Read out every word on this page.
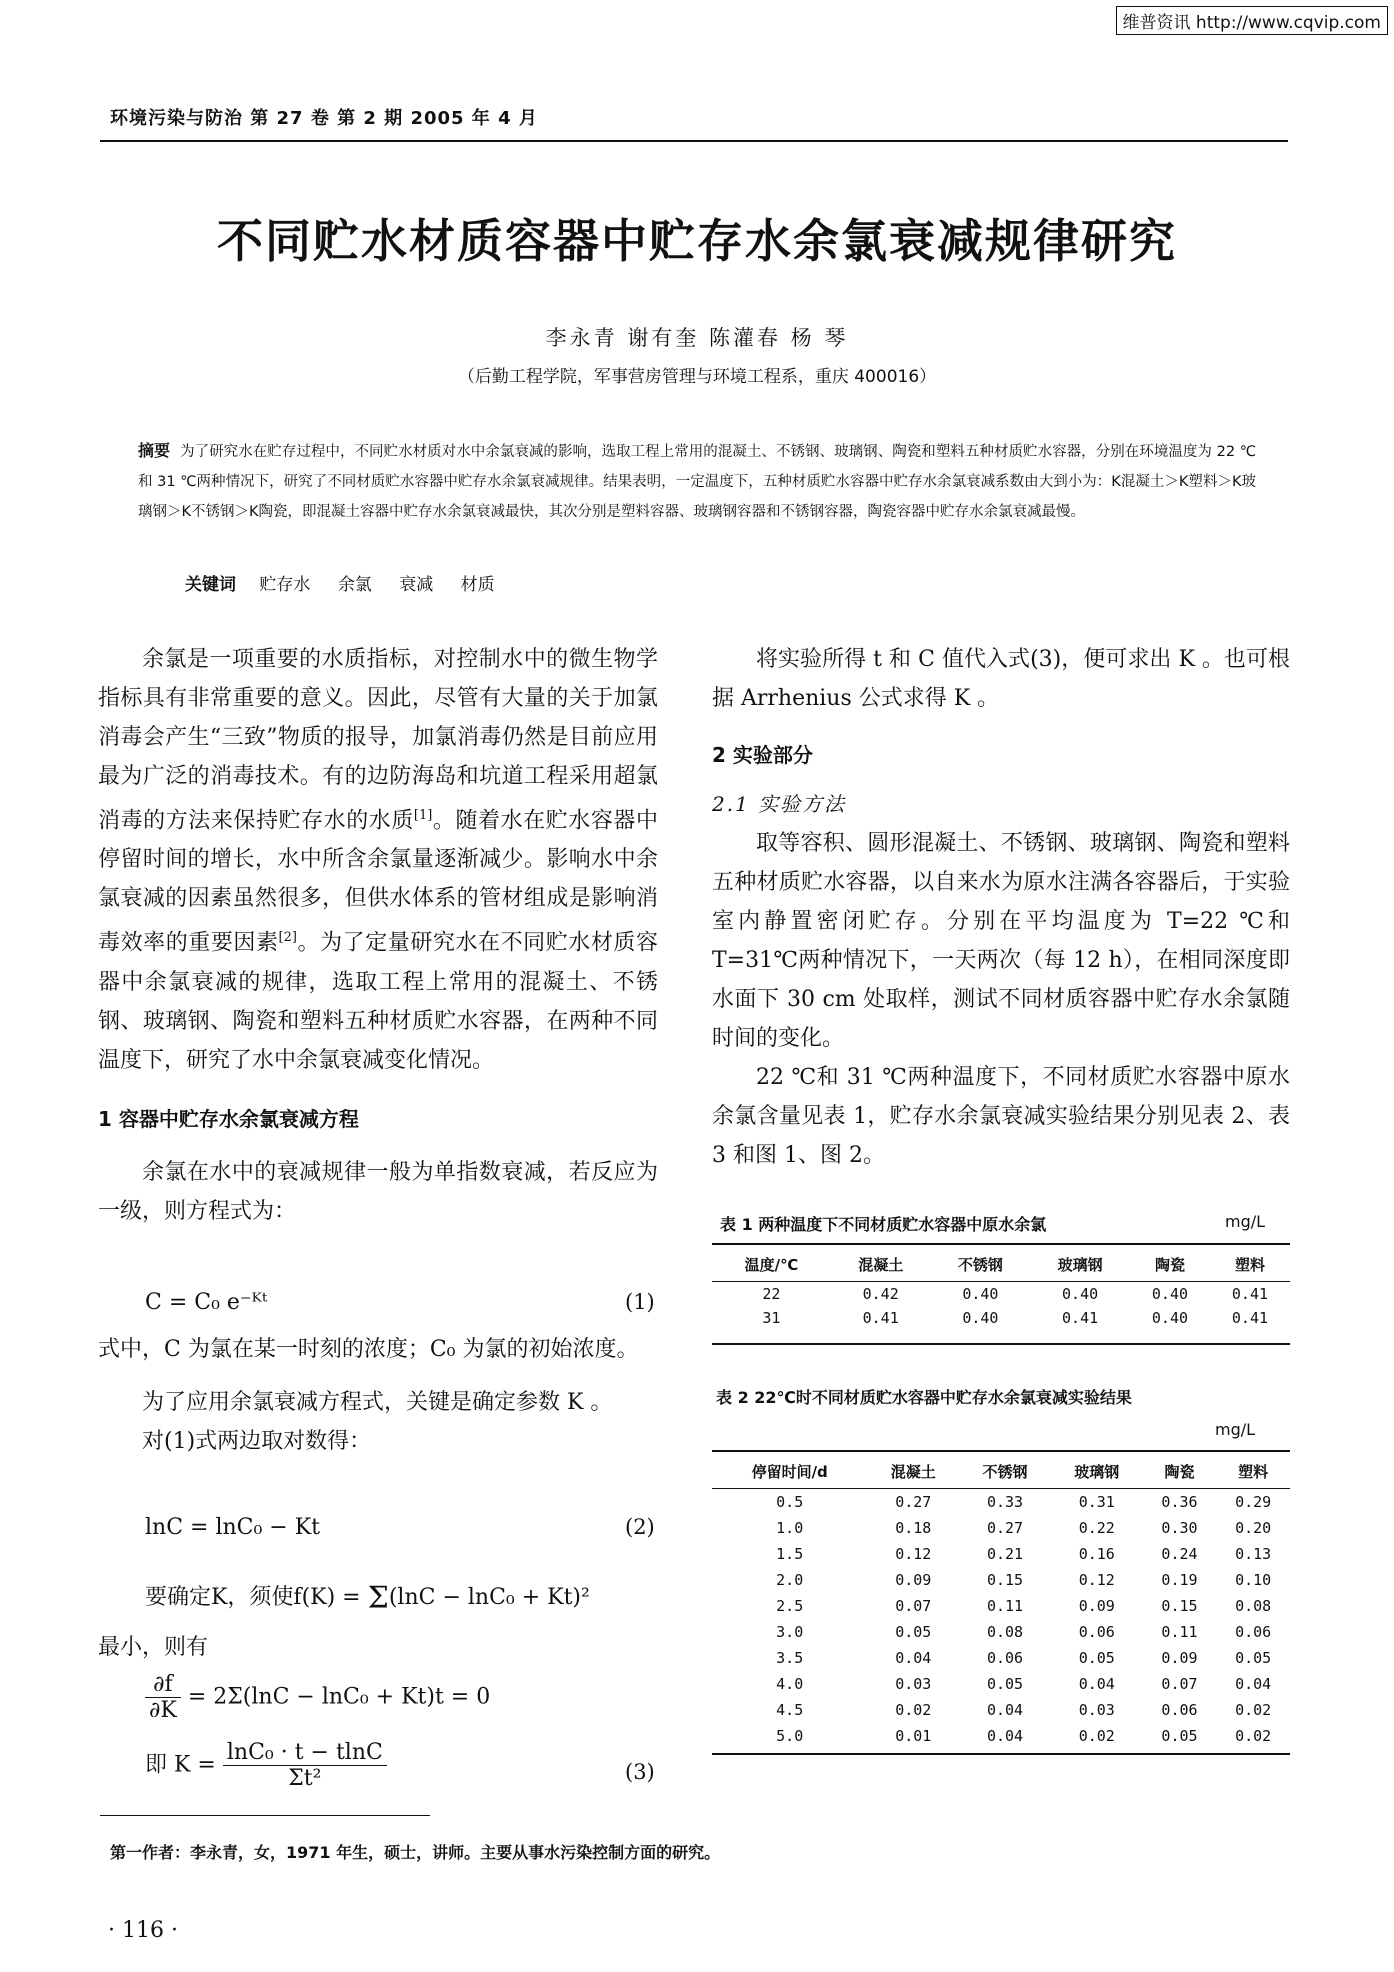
维普资讯 http://www.cqvip.com
环境污染与防治 第 27 卷 第 2 期 2005 年 4 月
不同贮水材质容器中贮存水余氯衰减规律研究
李永青 谢有奎 陈灌春 杨 琴
（后勤工程学院，军事营房管理与环境工程系，重庆 400016）
摘要 为了研究水在贮存过程中，不同贮水材质对水中余氯衰减的影响，选取工程上常用的混凝土、不锈钢、玻璃钢、陶瓷和塑料五种材质贮水容器，分别在环境温度为 22 ℃和 31 ℃两种情况下，研究了不同材质贮水容器中贮存水余氯衰减规律。结果表明，一定温度下，五种材质贮水容器中贮存水余氯衰减系数由大到小为：K混凝土＞K塑料＞K玻璃钢＞K不锈钢＞K陶瓷，即混凝土容器中贮存水余氯衰减最快，其次分别是塑料容器、玻璃钢容器和不锈钢容器，陶瓷容器中贮存水余氯衰减最慢。
关键词 贮存水 余氯 衰减 材质

余氯是一项重要的水质指标，对控制水中的微生物学指标具有非常重要的意义。因此，尽管有大量的关于加氯消毒会产生“三致”物质的报导，加氯消毒仍然是目前应用最为广泛的消毒技术。有的边防海岛和坑道工程采用超氯消毒的方法来保持贮存水的水质[1]。随着水在贮水容器中停留时间的增长，水中所含余氯量逐渐减少。影响水中余氯衰减的因素虽然很多，但供水体系的管材组成是影响消毒效率的重要因素[2]。为了定量研究水在不同贮水材质容器中余氯衰减的规律，选取工程上常用的混凝土、不锈钢、玻璃钢、陶瓷和塑料五种材质贮水容器，在两种不同温度下，研究了水中余氯衰减变化情况。

1 容器中贮存水余氯衰减方程

余氯在水中的衰减规律一般为单指数衰减，若反应为一级，则方程式为：

C = C₀ e⁻ᴷᵗ	(1)

式中，C 为氯在某一时刻的浓度；C₀ 为氯的初始浓度。

为了应用余氯衰减方程式，关键是确定参数 K 。

对(1)式两边取对数得：

lnC = lnC₀ − Kt	(2)
要确定K，须使f(K) = Σ(lnC − lnC₀ + Kt)²
最小，则有
$\frac{\partial f}{\partial K} = 2\Sigma(\ln C - \ln C_0 + Kt)t = 0$
即 $K = \frac{\text{lnC₀ · t − tlnC}}{\text{Σt²}}$	(3)

将实验所得 t 和 C 值代入式(3)，便可求出 K 。也可根据 Arrhenius 公式求得 K 。

2 实验部分
2.1 实验方法

取等容积、圆形混凝土、不锈钢、玻璃钢、陶瓷和塑料五种材质贮水容器，以自来水为原水注满各容器后，于实验室内静置密闭贮存。分别在平均温度为 T=22 ℃和 T=31℃两种情况下，一天两次（每 12 h），在相同深度即水面下 30 cm 处取样，测试不同材质容器中贮存水余氯随时间的变化。

22 ℃和 31 ℃两种温度下，不同材质贮水容器中原水余氯含量见表 1，贮存水余氯衰减实验结果分别见表 2、表 3 和图 1、图 2。

表 1 两种温度下不同材质贮水容器中原水余氯	mg/L
温度/℃	混凝土	不锈钢	玻璃钢	陶瓷	塑料
22	0.42	0.40	0.40	0.40	0.41
31	0.41	0.40	0.41	0.40	0.41
表 2 22℃时不同材质贮水容器中贮存水余氯衰减实验结果
mg/L
停留时间/d	混凝土	不锈钢	玻璃钢	陶瓷	塑料
0.5	0.27	0.33	0.31	0.36	0.29
1.0	0.18	0.27	0.22	0.30	0.20
1.5	0.12	0.21	0.16	0.24	0.13
2.0	0.09	0.15	0.12	0.19	0.10
2.5	0.07	0.11	0.09	0.15	0.08
3.0	0.05	0.08	0.06	0.11	0.06
3.5	0.04	0.06	0.05	0.09	0.05
4.0	0.03	0.05	0.04	0.07	0.04
4.5	0.02	0.04	0.03	0.06	0.02
5.0	0.01	0.04	0.02	0.05	0.02
第一作者：李永青，女，1971 年生，硕士，讲师。主要从事水污染控制方面的研究。
· 116 ·
